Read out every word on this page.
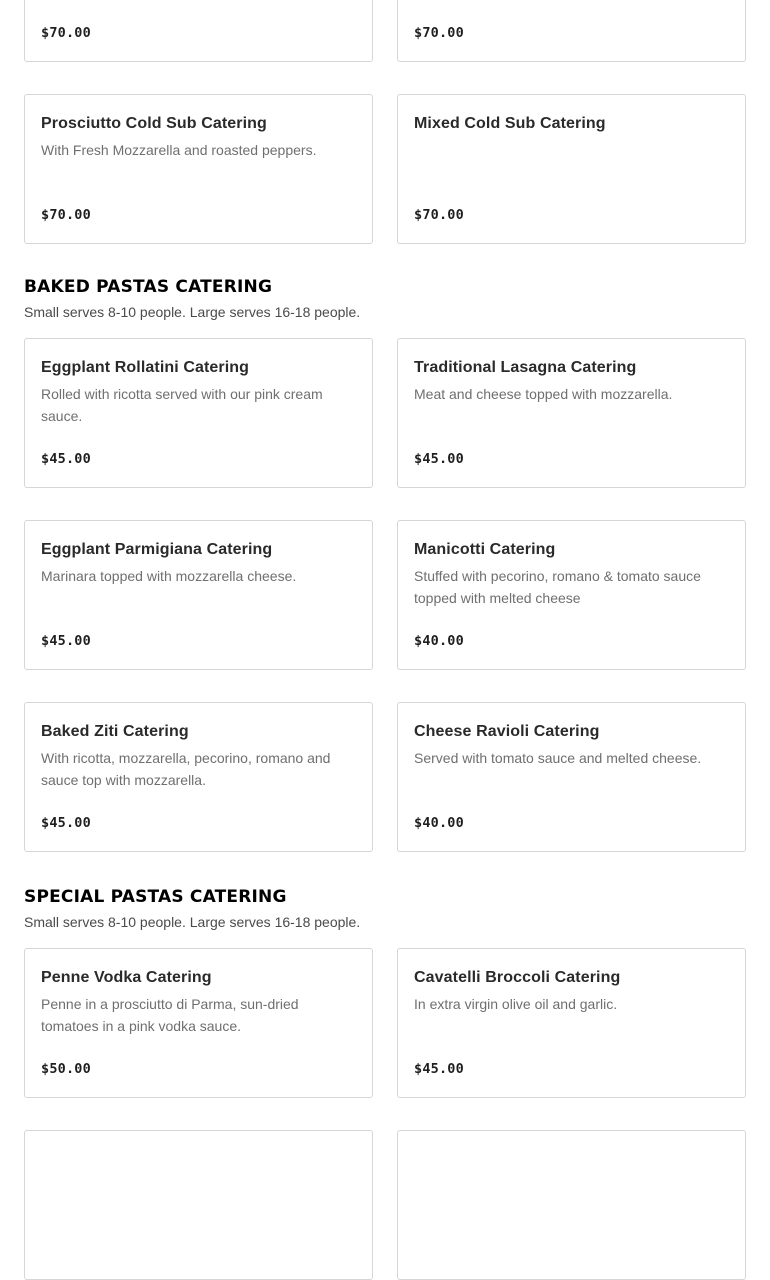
$70.00	$70.00
Prosciutto Cold Sub Catering
With Fresh Mozzarella and roasted peppers.
$70.00
Mixed Cold Sub Catering
$70.00
BAKED PASTAS CATERING
Small serves 8-10 people. Large serves 16-18 people.
Eggplant Rollatini Catering
Rolled with ricotta served with our pink cream sauce.
$45.00
Traditional Lasagna Catering
Meat and cheese topped with mozzarella.
$45.00
Eggplant Parmigiana Catering
Marinara topped with mozzarella cheese.
$45.00
Manicotti Catering
Stuffed with pecorino, romano & tomato sauce topped with melted cheese
$40.00
Baked Ziti Catering
With ricotta, mozzarella, pecorino, romano and sauce top with mozzarella.
$45.00
Cheese Ravioli Catering
Served with tomato sauce and melted cheese.
$40.00
SPECIAL PASTAS CATERING
Small serves 8-10 people. Large serves 16-18 people.
Penne Vodka Catering
Penne in a prosciutto di Parma, sun-dried tomatoes in a pink vodka sauce.
$50.00
Cavatelli Broccoli Catering
In extra virgin olive oil and garlic.
$45.00
